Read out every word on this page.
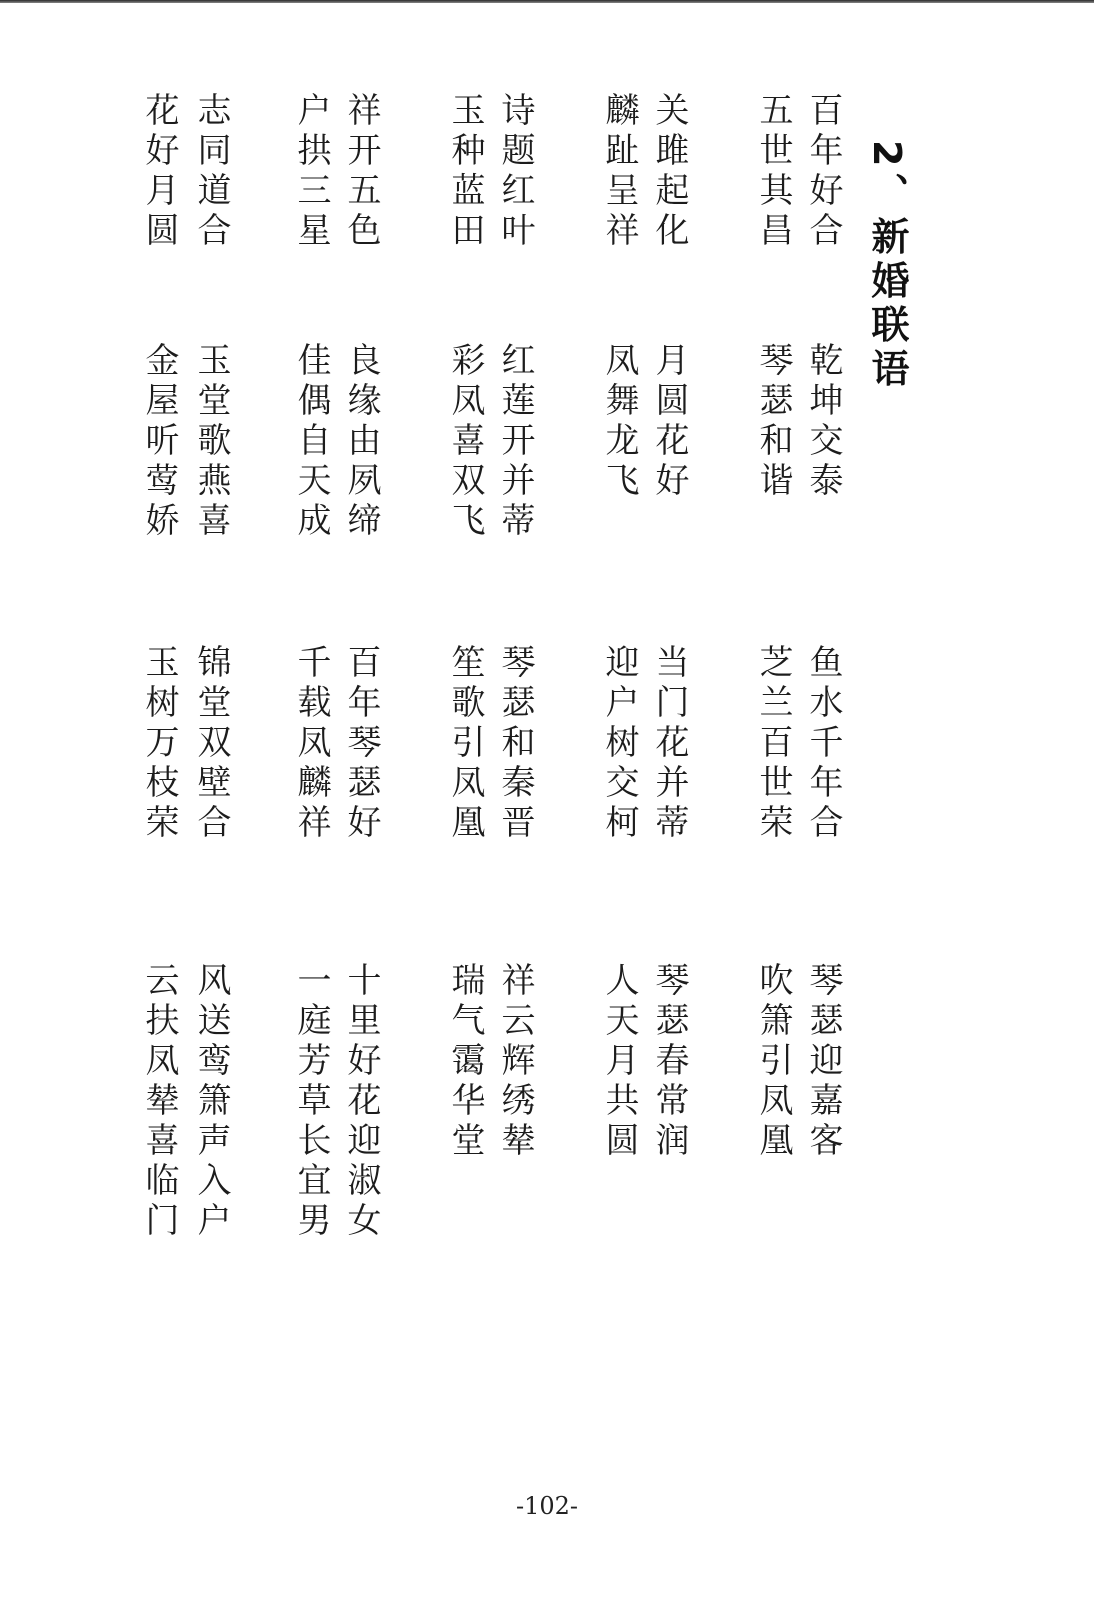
2、新婚联语
百年好合
五世其昌
关雎起化
麟趾呈祥
诗题红叶
玉种蓝田
祥开五色
户拱三星
志同道合
花好月圆
乾坤交泰
琴瑟和谐
月圆花好
凤舞龙飞
红莲开并蒂
彩凤喜双飞
良缘由夙缔
佳偶自天成
玉堂歌燕喜
金屋听莺娇
鱼水千年合
芝兰百世荣
当门花并蒂
迎户树交柯
琴瑟和秦晋
笙歌引凤凰
百年琴瑟好
千载凤麟祥
锦堂双壁合
玉树万枝荣
琴瑟迎嘉客
吹箫引凤凰
琴瑟春常润
人天月共圆
祥云辉绣辇
瑞气霭华堂
十里好花迎淑女
一庭芳草长宜男
风送鸾箫声入户
云扶凤辇喜临门
-102-
